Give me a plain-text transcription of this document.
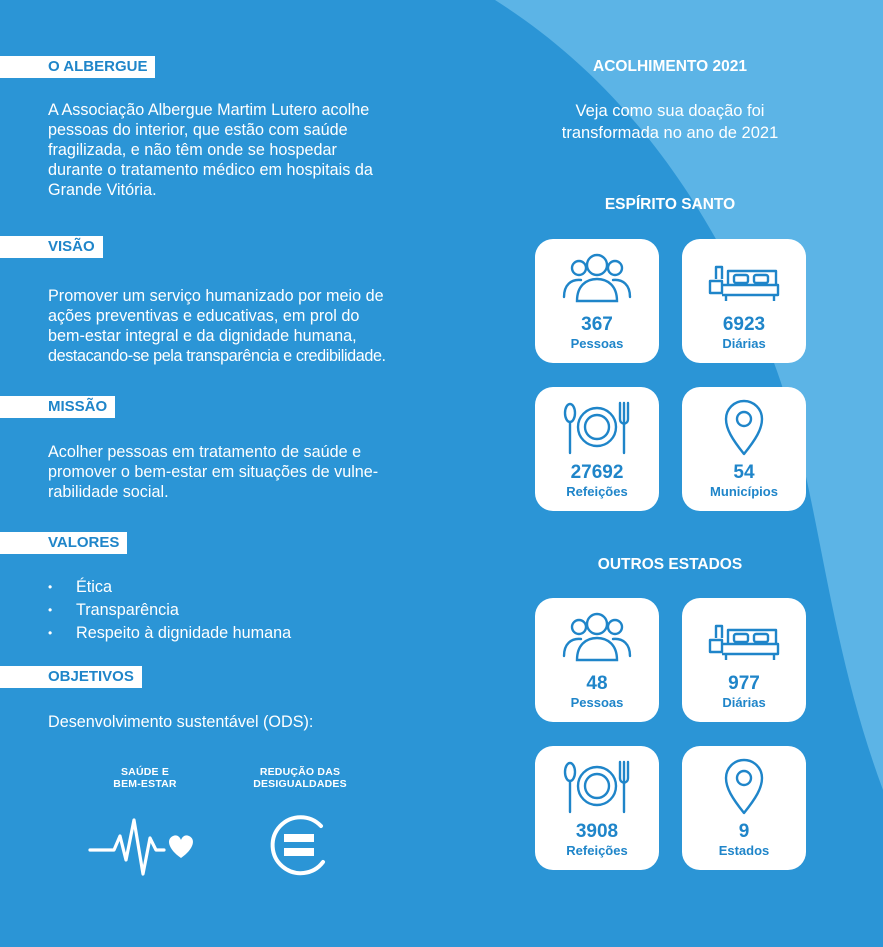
O ALBERGUE
A Associação Albergue Martim Lutero acolhe
pessoas do interior, que estão com saúde
fragilizada, e não têm onde se hospedar
durante o tratamento médico em hospitais da
Grande Vitória.
VISÃO
Promover um serviço humanizado por meio de
ações preventivas e educativas, em prol do
bem-estar integral e da dignidade humana,
destacando-se pela transparência e credibilidade.
MISSÃO
Acolher pessoas em tratamento de saúde e
promover o bem-estar em situações de vulne-
rabilidade social.
VALORES
• Ética
• Transparência
• Respeito à dignidade humana
OBJETIVOS
Desenvolvimento sustentável (ODS):
SAÚDE E
BEM-ESTAR
REDUÇÃO DAS
DESIGUALDADES
ACOLHIMENTO 2021
Veja como sua doação foi
transformada no ano de 2021
ESPÍRITO SANTO
367
Pessoas
6923
Diárias
27692
Refeições
54
Municípios
OUTROS ESTADOS
48
Pessoas
977
Diárias
3908
Refeições
9
Estados
